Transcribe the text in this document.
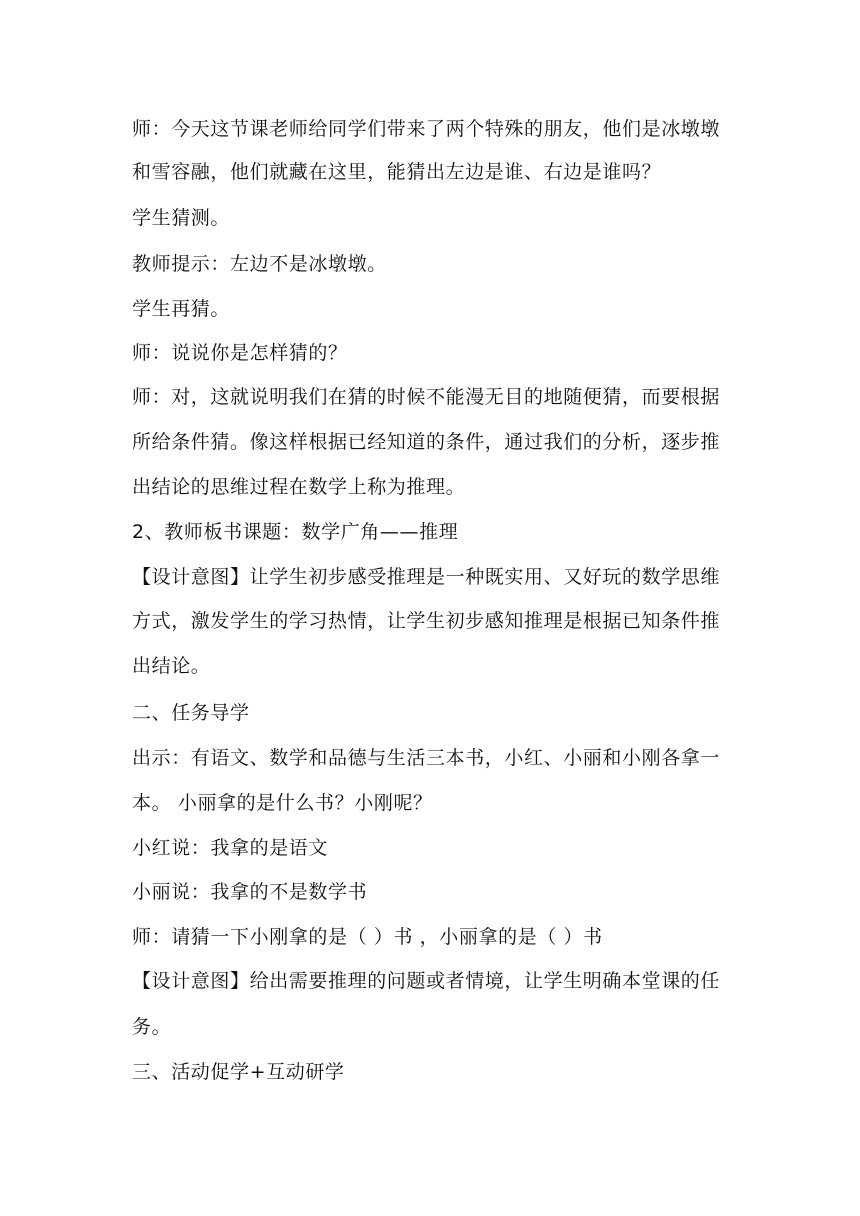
师：今天这节课老师给同学们带来了两个特殊的朋友，他们是冰墩墩
和雪容融，他们就藏在这里，能猜出左边是谁、右边是谁吗？
学生猜测。
教师提示：左边不是冰墩墩。
学生再猜。
师：说说你是怎样猜的？
师：对，这就说明我们在猜的时候不能漫无目的地随便猜，而要根据
所给条件猜。像这样根据已经知道的条件，通过我们的分析，逐步推
出结论的思维过程在数学上称为推理。
2、教师板书课题：数学广角——推理
【设计意图】让学生初步感受推理是一种既实用、又好玩的数学思维
方式，激发学生的学习热情，让学生初步感知推理是根据已知条件推
出结论。
二、任务导学
出示：有语文、数学和品德与生活三本书，小红、小丽和小刚各拿一
本。 小丽拿的是什么书？小刚呢？
小红说：我拿的是语文
小丽说：我拿的不是数学书
师：请猜一下小刚拿的是（ ）书 ，小丽拿的是（ ）书
【设计意图】给出需要推理的问题或者情境，让学生明确本堂课的任
务。
三、活动促学+互动研学
